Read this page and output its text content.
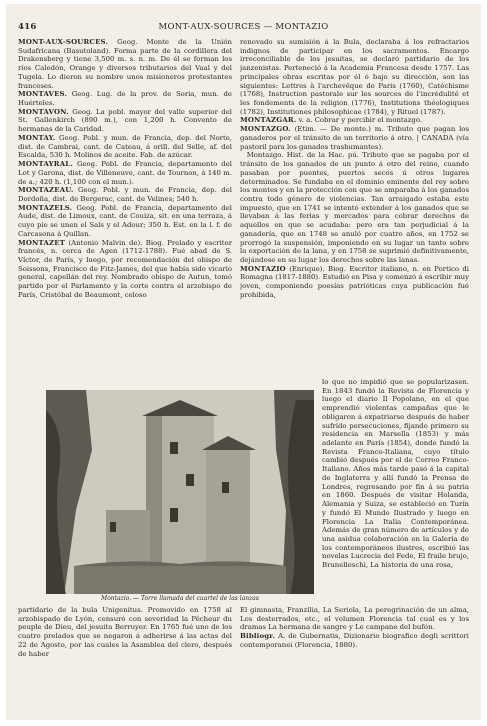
416	MONT-AUX-SOURCES — MONTAZIO

MONT-AUX-SOURCES. Geog. Monte de la Unión Sudafricana (Basutoland). Forma parte de la cordillera del Drakensberg y tiene 3,500 m. s. n. m. De él se forman los ríos Caledón, Orange y diversos tributarios del Vaal y del Tugela. Lo dieron su nombre unos misioneros protestantes franceses.

MONTAVES. Geog. Lug. de la prov. de Soria, mun. de Huérteles.

MONTAVON. Geog. La pobl. mayor del valle superior del St. Gallenkirch (890 m.), con 1,200 h. Convento de hermanas de la Caridad.

MONTAY. Geog. Pobl. y mun. de Francia, dep. del Norte, dist. de Cambrai, cant. de Cateau, á orill. del Selle, af. del Escalda, 530 h. Molinos de aceite. Fab. de azúcar.

MONTAYRAL. Geog. Pobl. de Francia, departamento del Lot y Garona, dist. de Villeneuve, cant. de Tournon, á 140 m. de a.; 420 h. (1,100 con el mun.).

MONTAZEAU. Geog. Pobl. y mun. de Francia, dep. del Dordoña, dist. de Bergerac, cant. de Velines; 540 h.

MONTAZELS. Geog. Pobl. de Francia, departamento del Aude, dist. de Limoux, cant. de Couiza, sit. en una terraza, á cuyo pie se unen el Sals y el Adour; 350 h. Est. en la l. f. de Carcasona á Quillan.

MONTAZET (Antonio Malvin de). Biog. Prelado y escritor francés, n. cerca de Agen (1712-1788). Fué abad de S. Víctor, de París, y luego, por recomendación del obispo de Soissons, Francisco de Fitz-James, del que había sido vicario general, capellán del rey. Nombrado obispo de Autun, tomó partido por el Parlamento y la corte contra el arzobispo de París, Cristóbal de Beaumont, celoso

renovado su sumisión á la Bula, declaraba á los refractarios indignos de participar en los sacramentos. Encargo irreconciliable de los jesuítas, se declaró partidario de los janzenistas. Perteneció á la Academia Francesa desde 1757. Las principales obras escritas por él ó bajo su dirección, son las siguientes: Lettres à l'archevêque de Paris (1760), Catéchisme (1768), Instruction pastorale sur les sources de l'incrédulité et les fondements de la religion (1776), Institutions théologiques (1782), Institutiones philosophicae (1784), y Rituel (1787).

MONTAZGAR. v. a. Cobrar y percibir el montazgo.

MONTAZGO. (Etim. — De monte.) m. Tributo que pagan los ganaderos por el tránsito de un territorio á otro. | CANADA (vía pastoril para los ganados trashumantes).

Montazgo. Hist. de la Hac. pú. Tributo que se pagaba por el tránsito de los ganados de un punto á otro del reino, cuando pasaban por puentes, puertos secos ú otros lugares determinados. Se fundaba en el dominio eminente del rey sobre los montes y en la protección con que se amparaba á los ganados contra todo género de violencias. Tan arraigado estaba este impuesto, que en 1741 se intentó extender á los ganados que se llevaban á las ferias y mercados para cobrar derechos de aquellos en que se acudaba: pero era tan perjudicial á la ganadería, que en 1748 se anuló por cuatro años, en 1752 se prorrogó la suspensión, imponiendo en su lugar un tanto sobre la exportación de la lana, y en 1758 se suprimió definitivamente, dejándose en su lugar los derechos sobre las lanas.

MONTAZIO (Enrique). Biog. Escritor italiano, n. en Portico di Romagna (1817-1880). Estudió en Pisa y comenzó á escribir muy joven, componiendo poesías patrióticas cuya publicación fué prohibida,

Montazio. — Torre llamada del cuartel de las lanzas

lo que no impidió que se popularizasen. En 1843 fundó la Revista de Florencia y luego el diario Il Popolano, en el que emprendió violentas campañas que le obligaron á expatriarse después de haber sufrido persecuciones, fijando primero su residencia en Marsella (1853) y más adelante en París (1854), donde fundó la Revista Franco-Italiana, cuyo título cambió después por el de Correo Franco-Italiano. Años más tarde pasó á la capital de Inglaterra y allí fundó la Prensa de Londres, regresando por fin á su patria en 1860. Después de visitar Holanda, Alemania y Suiza, se estableció en Turín y fundó El Mundo Ilustrado y luego en Florencia La Italia Contemporánea. Además de gran número de artículos y de una asidua colaboración en la Galería de los contemporáneos ilustres, escribió las novelas Lucrecia del Fede, El fraile brujo, Brunelleschi, La historia de una rosa,

partidario de la bula Unigenitus. Promovido en 1758 al arzobispado de Lyón, censuró con severidad la Pêcheur du peuple de Dieu, del jesuita Berruyer. En 1765 fué uno de los cuatro prelados que se negaron á adherirse á las actas del 22 de Agosto, por las cuales la Asamblea del clero, después de haber

El gimnasta, Franzilia, La Seriola, La peregrinación de un alma, Los desterrados, etc., el volumen Florencia tal cual es y los dramas La hermana de sangre y Le campane del bufón.

Bibliogr. A. de Gubernatis, Dizionario biografico degli scrittori contemporanei (Florencia, 1880).
